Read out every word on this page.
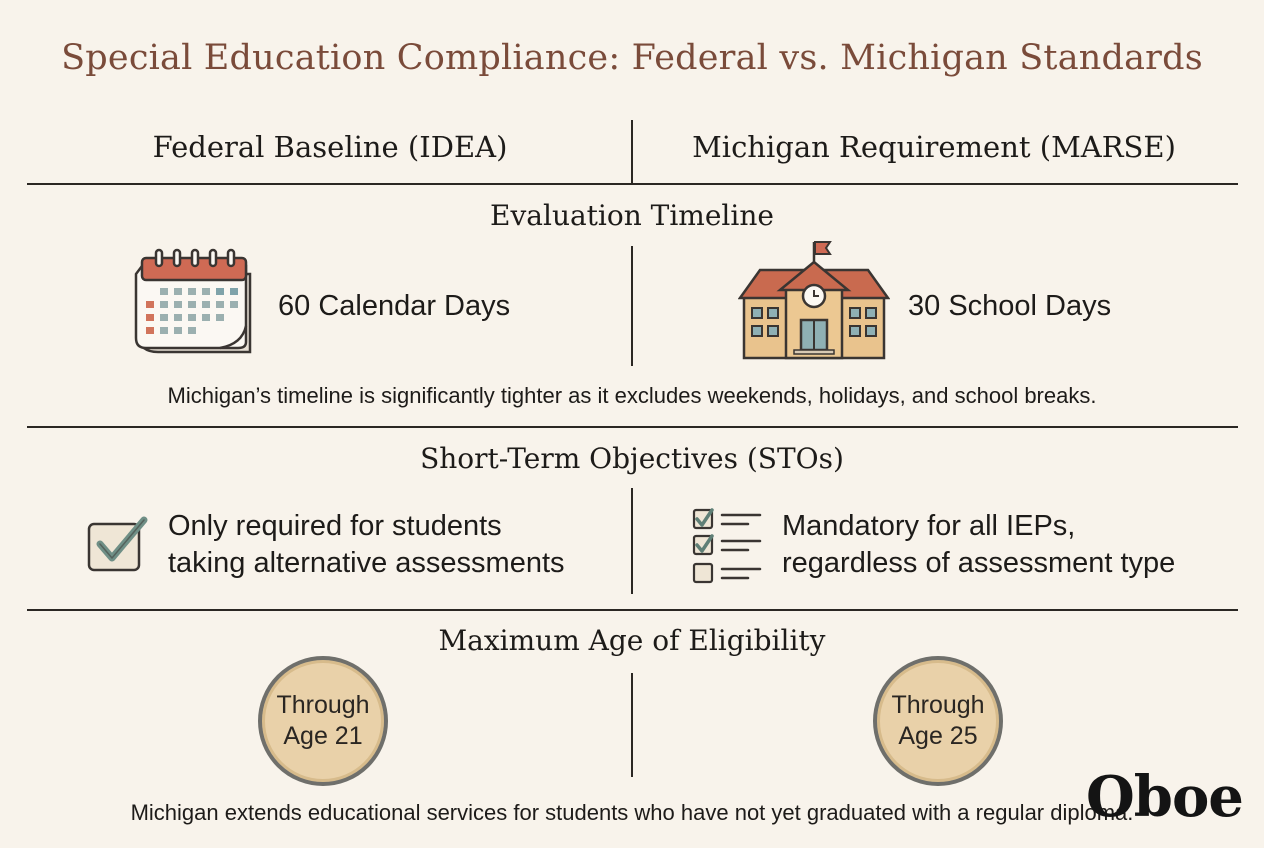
Special Education Compliance: Federal vs. Michigan Standards
Federal Baseline (IDEA)	Michigan Requirement (MARSE)
Evaluation Timeline
60 Calendar Days	30 School Days
Michigan’s timeline is significantly tighter as it excludes weekends, holidays, and school breaks.
Short-Term Objectives (STOs)
Only required for students
taking alternative assessments
Mandatory for all IEPs,
regardless of assessment type
Maximum Age of Eligibility
Through
Age 21
Through
Age 25
Michigan extends educational services for students who have not yet graduated with a regular diploma.
Oboe
